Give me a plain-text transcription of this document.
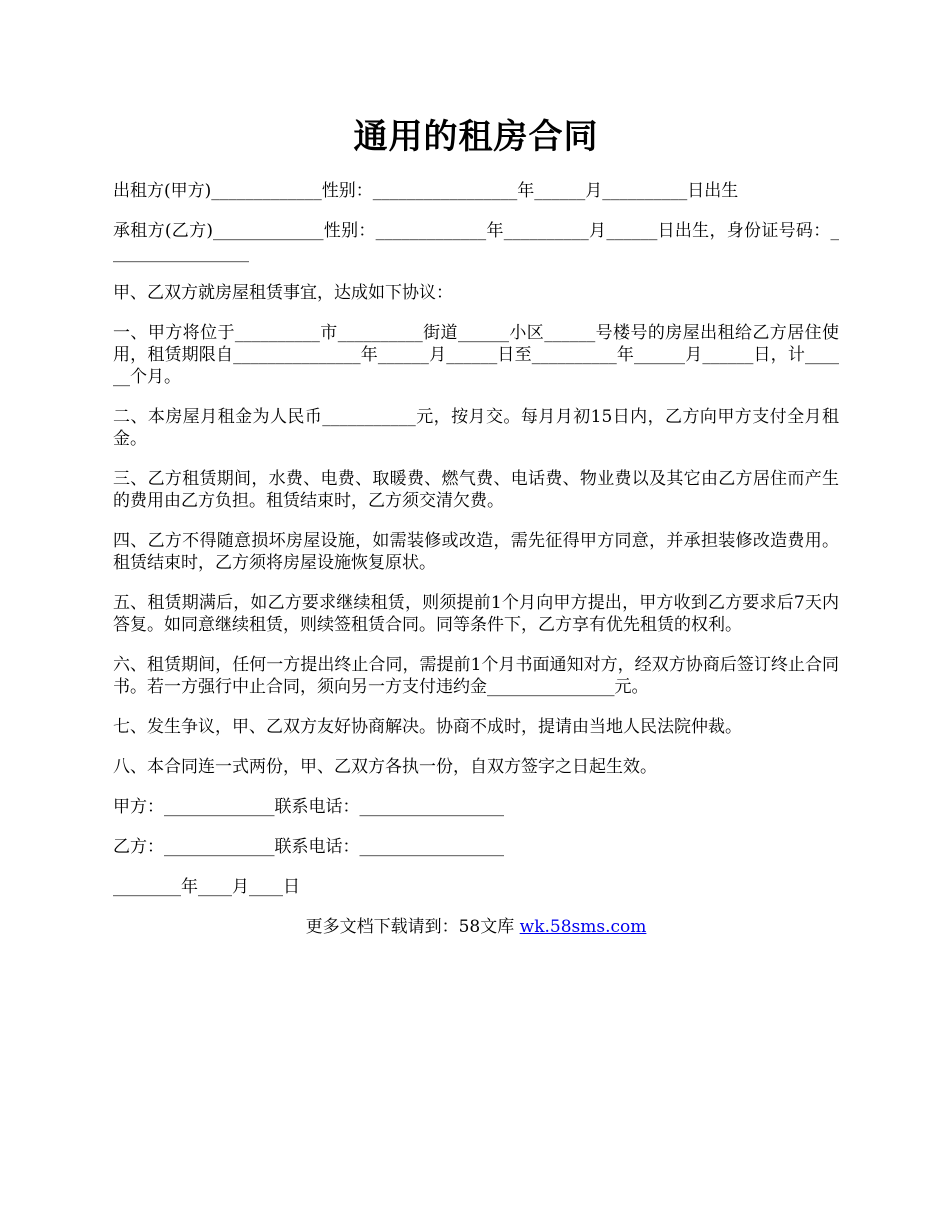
通用的租房合同

出租方(甲方)_____________性别：_________________年______月__________日出生

承租方(乙方)_____________性别：_____________年__________月______日出生，身份证号码：_________________

甲、乙双方就房屋租赁事宜，达成如下协议：

一、甲方将位于__________市__________街道______小区______号楼号的房屋出租给乙方居住使用，租赁期限自_______________年______月______日至__________年______月______日，计______个月。

二、本房屋月租金为人民币___________元，按月交。每月月初15日内，乙方向甲方支付全月租金。

三、乙方租赁期间，水费、电费、取暖费、燃气费、电话费、物业费以及其它由乙方居住而产生的费用由乙方负担。租赁结束时，乙方须交清欠费。

四、乙方不得随意损坏房屋设施，如需装修或改造，需先征得甲方同意，并承担装修改造费用。租赁结束时，乙方须将房屋设施恢复原状。

五、租赁期满后，如乙方要求继续租赁，则须提前1个月向甲方提出，甲方收到乙方要求后7天内答复。如同意继续租赁，则续签租赁合同。同等条件下，乙方享有优先租赁的权利。

六、租赁期间，任何一方提出终止合同，需提前1个月书面通知对方，经双方协商后签订终止合同书。若一方强行中止合同，须向另一方支付违约金_______________元。

七、发生争议，甲、乙双方友好协商解决。协商不成时，提请由当地人民法院仲裁。

八、本合同连一式两份，甲、乙双方各执一份，自双方签字之日起生效。

甲方：_____________联系电话：_________________

乙方：_____________联系电话：_________________

________年____月____日

更多文档下载请到：58文库 wk.58sms.com
